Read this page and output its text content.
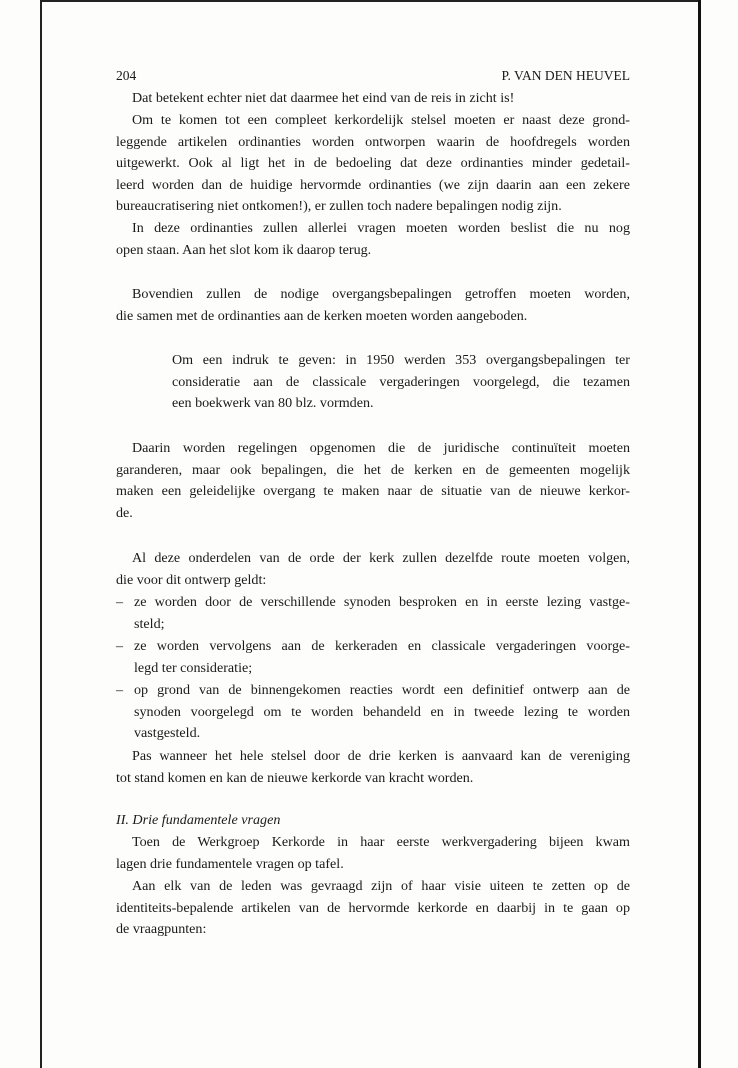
204	P. VAN DEN HEUVEL
Dat betekent echter niet dat daarmee het eind van de reis in zicht is!
Om te komen tot een compleet kerkordelijk stelsel moeten er naast deze grond-
leggende artikelen ordinanties worden ontworpen waarin de hoofdregels worden
uitgewerkt. Ook al ligt het in de bedoeling dat deze ordinanties minder gedetail-
leerd worden dan de huidige hervormde ordinanties (we zijn daarin aan een zekere
bureaucratisering niet ontkomen!), er zullen toch nadere bepalingen nodig zijn.
In deze ordinanties zullen allerlei vragen moeten worden beslist die nu nog
open staan. Aan het slot kom ik daarop terug.
Bovendien zullen de nodige overgangsbepalingen getroffen moeten worden,
die samen met de ordinanties aan de kerken moeten worden aangeboden.
Om een indruk te geven: in 1950 werden 353 overgangsbepalingen ter
consideratie aan de classicale vergaderingen voorgelegd, die tezamen
een boekwerk van 80 blz. vormden.
Daarin worden regelingen opgenomen die de juridische continuïteit moeten
garanderen, maar ook bepalingen, die het de kerken en de gemeenten mogelijk
maken een geleidelijke overgang te maken naar de situatie van de nieuwe kerkor-
de.
Al deze onderdelen van de orde der kerk zullen dezelfde route moeten volgen,
die voor dit ontwerp geldt:
– ze worden door de verschillende synoden besproken en in eerste lezing vastge-
steld;
– ze worden vervolgens aan de kerkeraden en classicale vergaderingen voorge-
legd ter consideratie;
– op grond van de binnengekomen reacties wordt een definitief ontwerp aan de
synoden voorgelegd om te worden behandeld en in tweede lezing te worden
vastgesteld.
Pas wanneer het hele stelsel door de drie kerken is aanvaard kan de vereniging
tot stand komen en kan de nieuwe kerkorde van kracht worden.
II. Drie fundamentele vragen
Toen de Werkgroep Kerkorde in haar eerste werkvergadering bijeen kwam
lagen drie fundamentele vragen op tafel.
Aan elk van de leden was gevraagd zijn of haar visie uiteen te zetten op de
identiteits-bepalende artikelen van de hervormde kerkorde en daarbij in te gaan op
de vraagpunten:
